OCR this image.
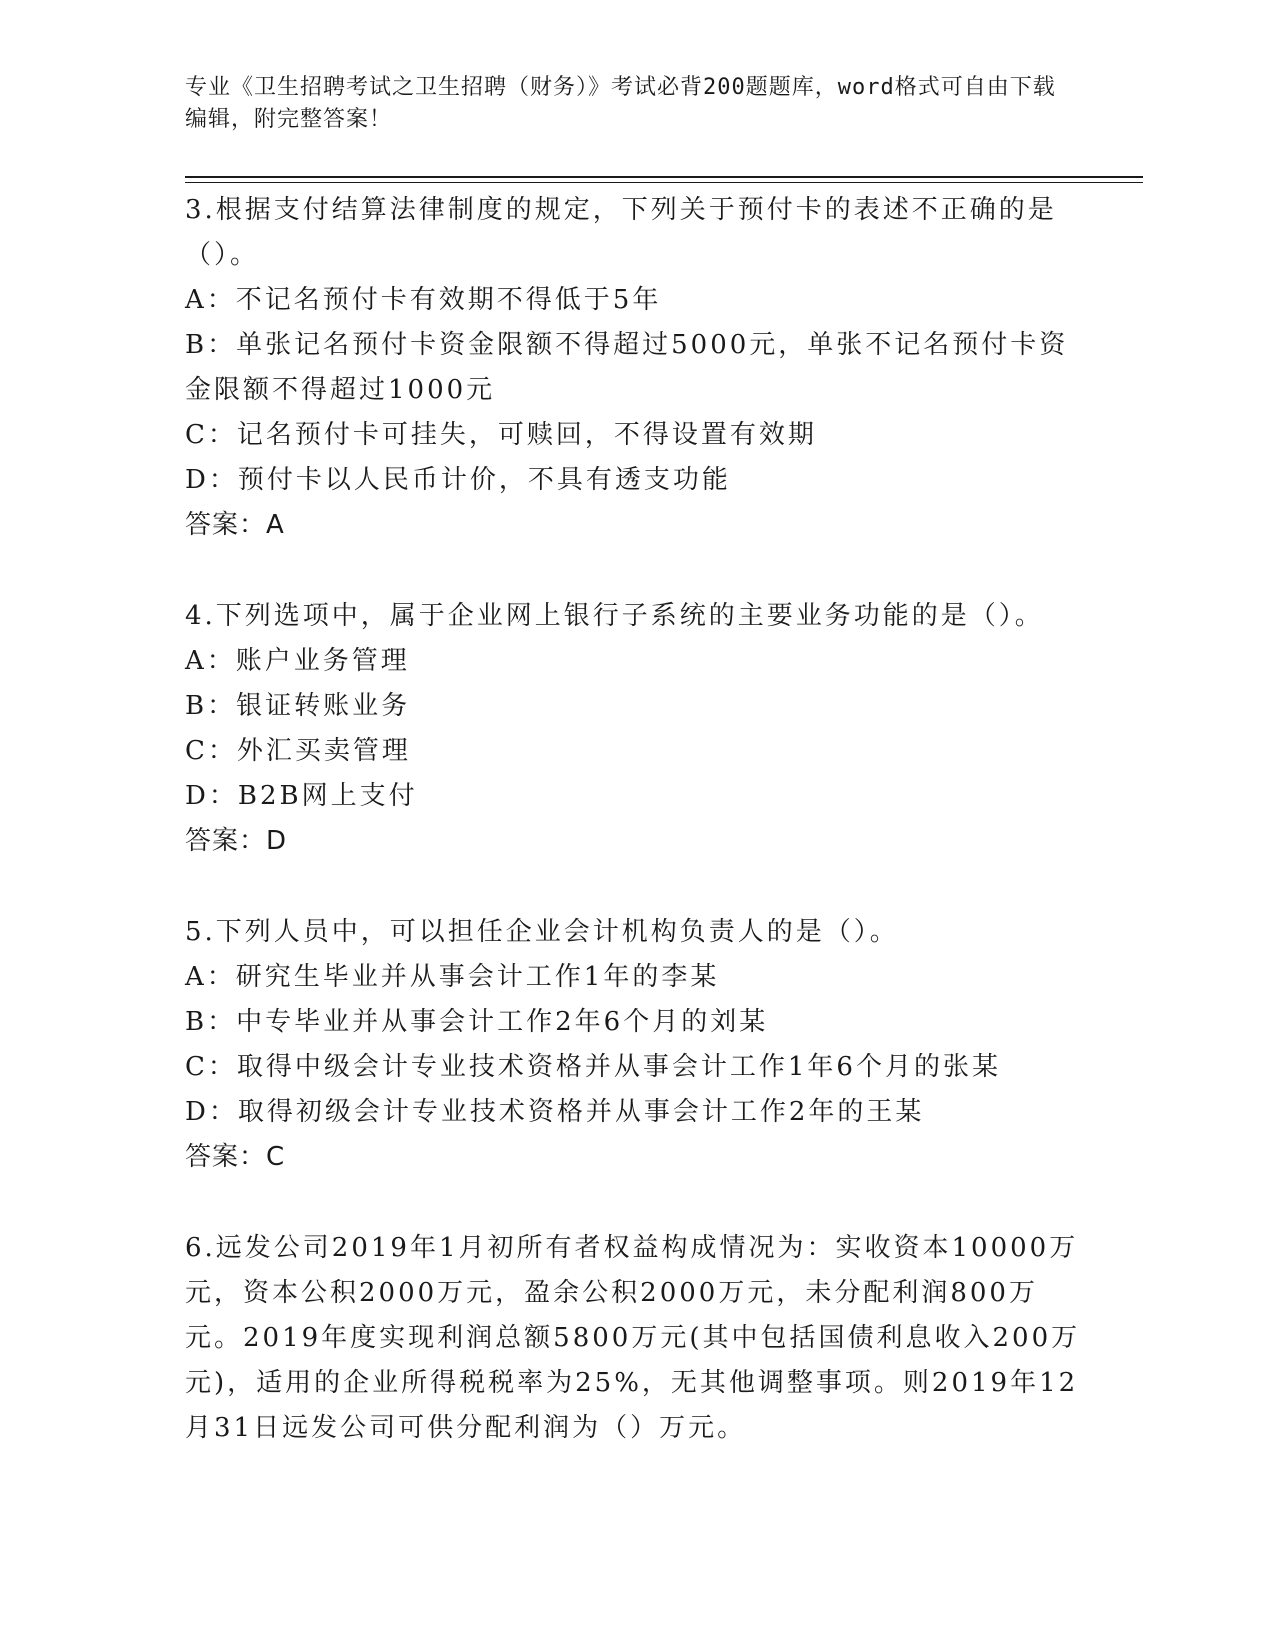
专业《卫生招聘考试之卫生招聘（财务）》考试必背200题题库，word格式可自由下载编辑，附完整答案！

3.根据支付结算法律制度的规定，下列关于预付卡的表述不正确的是（）。

A：不记名预付卡有效期不得低于5年

B：单张记名预付卡资金限额不得超过5000元，单张不记名预付卡资金限额不得超过1000元

C：记名预付卡可挂失，可赎回，不得设置有效期

D：预付卡以人民币计价，不具有透支功能

答案：A

4.下列选项中，属于企业网上银行子系统的主要业务功能的是（）。

A：账户业务管理

B：银证转账业务

C：外汇买卖管理

D：B2B网上支付

答案：D

5.下列人员中，可以担任企业会计机构负责人的是（）。

A：研究生毕业并从事会计工作1年的李某

B：中专毕业并从事会计工作2年6个月的刘某

C：取得中级会计专业技术资格并从事会计工作1年6个月的张某

D：取得初级会计专业技术资格并从事会计工作2年的王某

答案：C

6.远发公司2019年1月初所有者权益构成情况为：实收资本10000万元，资本公积2000万元，盈余公积2000万元，未分配利润800万元。2019年度实现利润总额5800万元(其中包括国债利息收入200万元)，适用的企业所得税税率为25%，无其他调整事项。则2019年12月31日远发公司可供分配利润为（）万元。
